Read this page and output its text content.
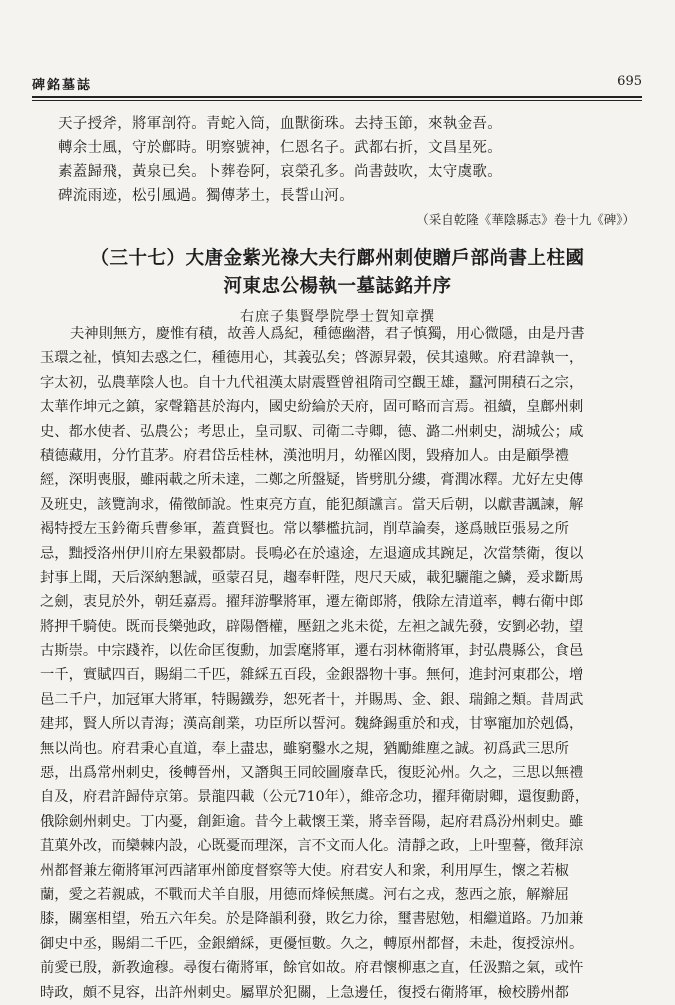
碑銘墓誌	695
天子授斧，將軍剖符。青蛇入筒，血獸銜珠。去持玉節，來執金吾。
轉余士風，守於鄜時。明察號神，仁恩名子。武都右折，文昌星死。
素蓋歸飛，黃泉已矣。卜葬卷阿，哀榮孔多。尚書鼓吹，太守虞歌。
碑流雨迹，松引風過。獨傳茅土，長誓山河。
（采自乾隆《華陰縣志》卷十九《碑》）
（三十七）大唐金紫光祿大夫行鄜州刺使贈戶部尚書上柱國
河東忠公楊執一墓誌銘并序
右庶子集賢學院學士賀知章撰
夫神則無方，慶惟有積，故善人爲紀，種德幽潜，君子慎獨，用心微隱，由是丹書
玉環之祉，慎知去惑之仁，種德用心，其義弘矣；啓源昇榖，侯其遠歟。府君諱執一，
字太初，弘農華陰人也。自十九代祖漢太尉震暨曾祖隋司空觀王雄，蠶河開積石之宗，
太華作坤元之鎮，家聲籍甚於海内，國史紛綸於天府，固可略而言焉。祖續，皇鄜州刺
史、都水使者、弘農公；考思止，皇司馭、司衛二寺卿，德、潞二州刺史，湖城公；咸
積德藏用，分竹苴茅。府君岱岳桂林，漢池明月，幼罹凶閔，毀瘠加人。由是顧學禮
經，深明喪服，雖兩載之所未達，二鄭之所盤疑，皆劈肌分縷，膏潤冰釋。尤好左史傳
及班史，該覽詢求，備徵師說。性東亮方直，能犯顏讜言。當天后朝，以獻書諷諫，解
褐特授左玉鈐衛兵曹參軍，蓋賁賢也。常以攀檻抗詞，削草論奏，遂爲賊臣張易之所
忌，黜授洛州伊川府左果毅都尉。長鳴必在於遠途，左退適成其踠足，次當禁衛，復以
封事上聞，天后深納懇誠，亟蒙召見，趨奉軒陛，咫尺天威，載犯驪龍之鱗，爰求斷馬
之劍，衷見於外，朝廷嘉焉。擢拜游擊將軍，遷左衛郎將，俄除左清道率，轉右衛中郎
將押千騎使。既而長樂弛政，辟陽僭權，壓鈕之兆未從，左袒之誠先發，安劉必勃，望
古斯崇。中宗踐祚，以佐命匡復勳，加雲麾將軍，遷右羽林衛將軍，封弘農縣公，食邑
一千，實賦四百，賜絹二千匹，雜綵五百段，金銀器物十事。無何，進封河東郡公，增
邑二千户，加冠軍大將軍，特賜鐵券，恕死者十，并賜馬、金、銀、瑞錦之類。昔周武
建邦，賢人所以青海；漢高創業，功臣所以誓河。魏絳錫重於和戎，甘寧寵加於剋僞，
無以尚也。府君秉心直道，奉上盡忠，雖窮鑿水之規，猶勵維塵之誠。初爲武三思所
惡，出爲常州刺史，後轉晉州，又譖與王同皎圖廢韋氏，復貶沁州。久之，三思以無禮
自及，府君許歸侍京第。景龍四載（公元710年），維帝念功，擢拜衛尉卿，還復勳爵，
俄除劍州刺史。丁内憂，創鉅逾。昔今上載懷王業，將幸晉陽，起府君爲汾州刺史。雖
苴菓外改，而欒棘内設，心既憂而理深，言不文而人化。清靜之政，上叶聖謩，徵拜涼
州都督兼左衛將軍河西諸軍州節度督察等大使。府君安人和衆，利用厚生，懷之若椒
蘭，愛之若親戚，不戰而犬羊自服，用德而烽候無虞。河右之戎，葱西之旅，解辮屈
膝，關塞相望，殆五六年矣。於是降韻利發，敗乞力徐，璽書慰勉，相繼道路。乃加兼
御史中丞，賜絹二千匹，金銀繒綵，更優恒數。久之，轉原州都督，未赴，復授涼州。
前愛已殷，新教逾穆。尋復右衛將軍，餘官如故。府君懷柳惠之直，任汲黯之氣，或忤
時政，頗不見容，出許州刺史。屬單於犯關，上急邊任，復授右衛將軍，檢校勝州都
